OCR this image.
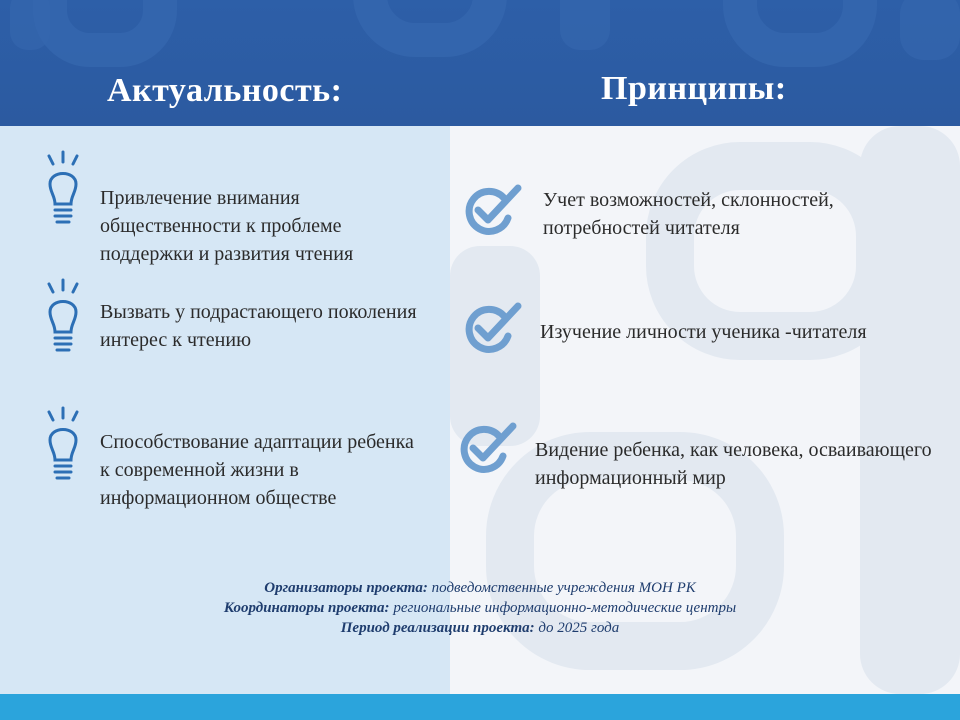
Актуальность:	Принципы:

Привлечение внимания общественности к проблеме поддержки и развития чтения

Вызвать у подрастающего поколения интерес к чтению

Способствование адаптации ребенка к современной жизни в информационном обществе

Учет возможностей, склонностей, потребностей читателя

Изучение личности ученика -читателя

Видение ребенка, как человека, осваивающего информационный мир

Организаторы проекта: подведомственные учреждения МОН РК
Координаторы проекта: региональные информационно-методические центры
Период реализации проекта: до 2025 года
